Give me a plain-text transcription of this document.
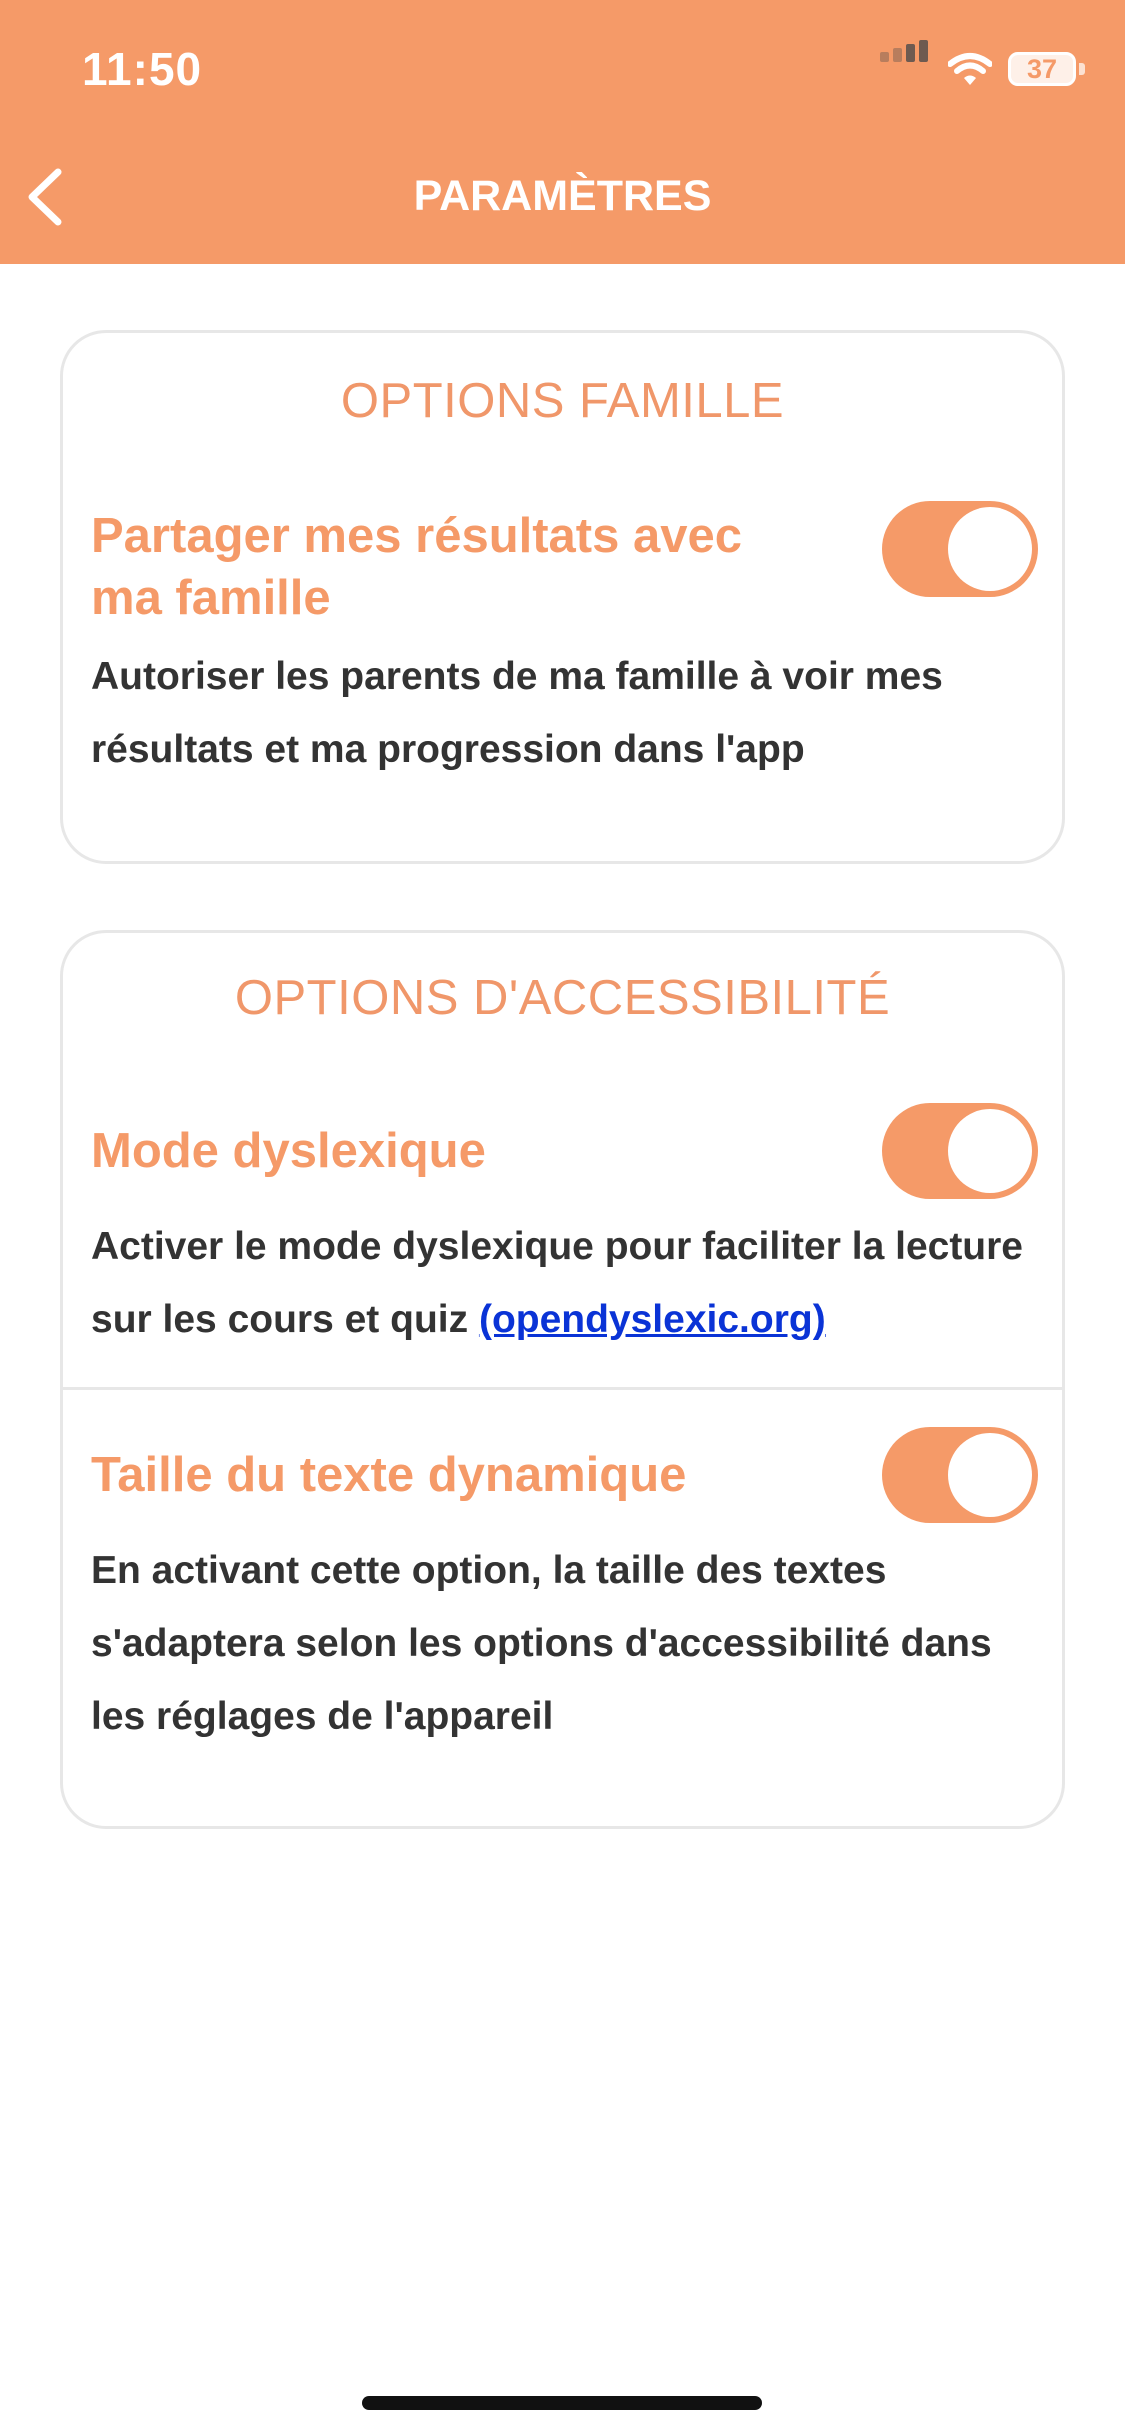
11:50	37
PARAMÈTRES
OPTIONS FAMILLE
Partager mes résultats avec ma famille
Autoriser les parents de ma famille à voir mes résultats et ma progression dans l'app
OPTIONS D'ACCESSIBILITÉ
Mode dyslexique
Activer le mode dyslexique pour faciliter la lecture sur les cours et quiz (opendyslexic.org)
Taille du texte dynamique
En activant cette option, la taille des textes s'adaptera selon les options d'accessibilité dans les réglages de l'appareil
